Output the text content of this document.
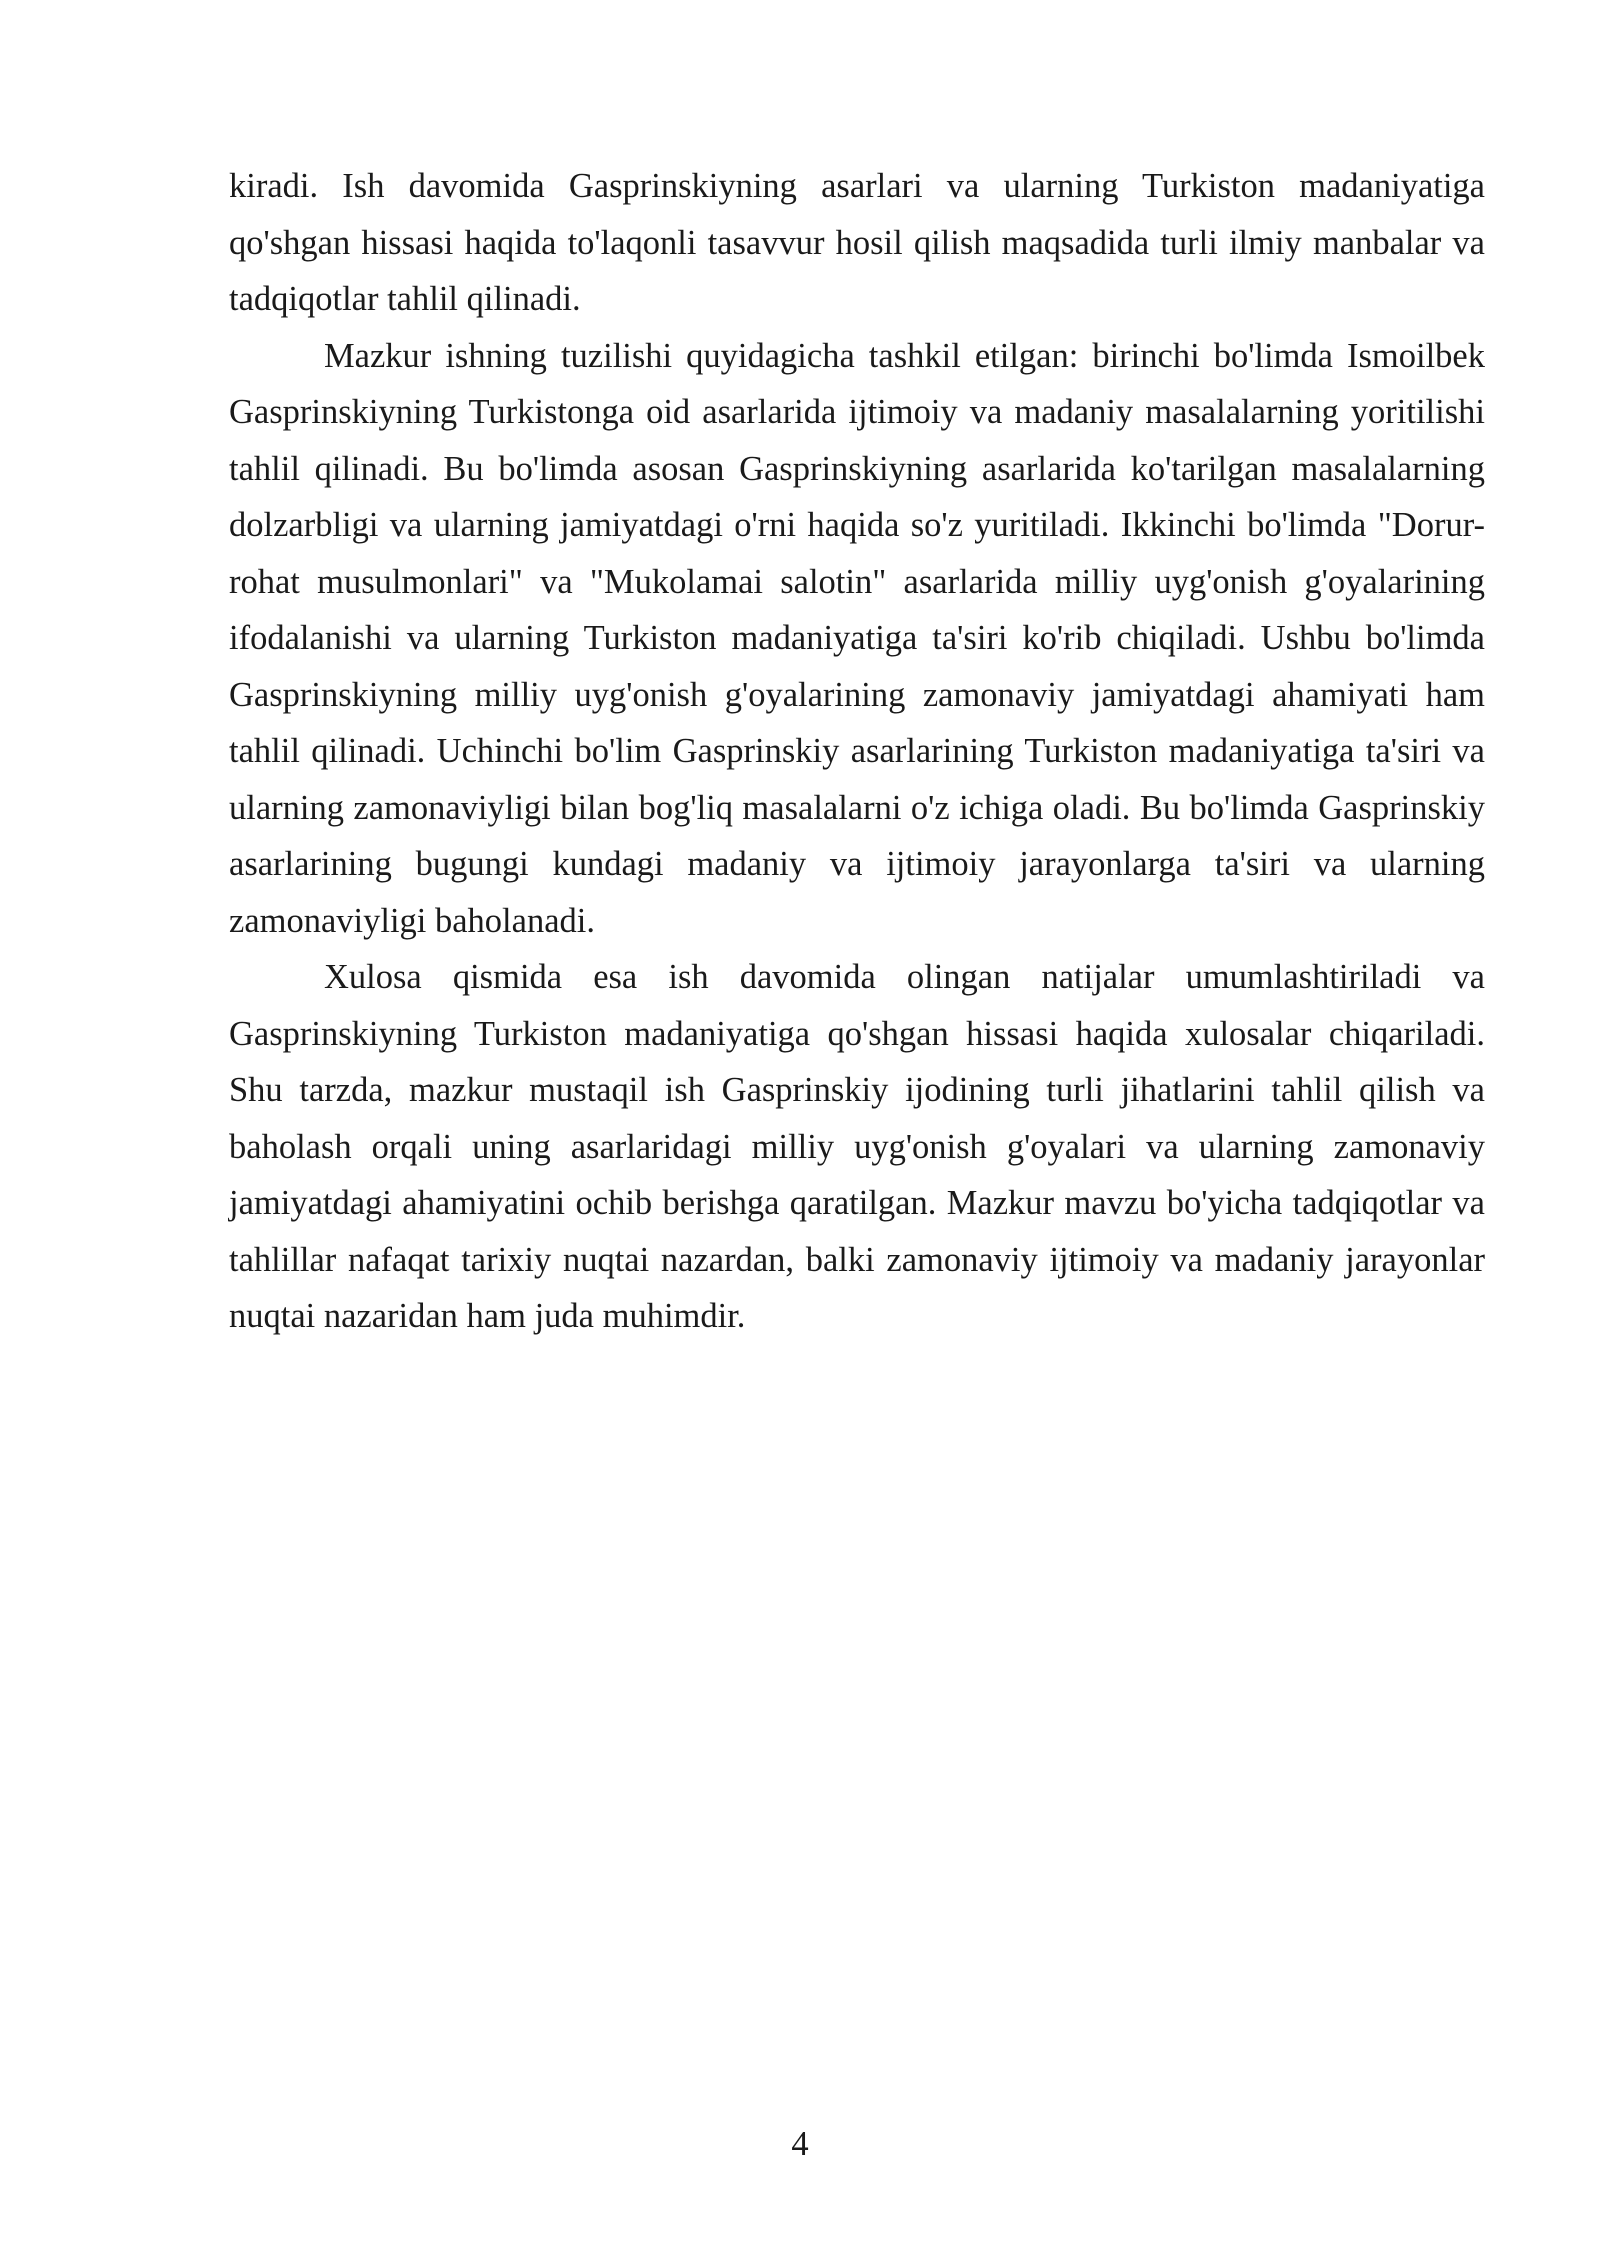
kiradi. Ish davomida Gasprinskiyning asarlari va ularning Turkiston madaniyatiga qo'shgan hissasi haqida to'laqonli tasavvur hosil qilish maqsadida turli ilmiy manbalar va tadqiqotlar tahlil qilinadi.

Mazkur ishning tuzilishi quyidagicha tashkil etilgan: birinchi bo'limda Ismoilbek Gasprinskiyning Turkistonga oid asarlarida ijtimoiy va madaniy masalalarning yoritilishi tahlil qilinadi. Bu bo'limda asosan Gasprinskiyning asarlarida ko'tarilgan masalalarning dolzarbligi va ularning jamiyatdagi o'rni haqida so'z yuritiladi. Ikkinchi bo'limda "Dorur-rohat musulmonlari" va "Mukolamai salotin" asarlarida milliy uyg'onish g'oyalarining ifodalanishi va ularning Turkiston madaniyatiga ta'siri ko'rib chiqiladi. Ushbu bo'limda Gasprinskiyning milliy uyg'onish g'oyalarining zamonaviy jamiyatdagi ahamiyati ham tahlil qilinadi. Uchinchi bo'lim Gasprinskiy asarlarining Turkiston madaniyatiga ta'siri va ularning zamonaviyligi bilan bog'liq masalalarni o'z ichiga oladi. Bu bo'limda Gasprinskiy asarlarining bugungi kundagi madaniy va ijtimoiy jarayonlarga ta'siri va ularning zamonaviyligi baholanadi.

Xulosa qismida esa ish davomida olingan natijalar umumlashtiriladi va Gasprinskiyning Turkiston madaniyatiga qo'shgan hissasi haqida xulosalar chiqariladi. Shu tarzda, mazkur mustaqil ish Gasprinskiy ijodining turli jihatlarini tahlil qilish va baholash orqali uning asarlaridagi milliy uyg'onish g'oyalari va ularning zamonaviy jamiyatdagi ahamiyatini ochib berishga qaratilgan. Mazkur mavzu bo'yicha tadqiqotlar va tahlillar nafaqat tarixiy nuqtai nazardan, balki zamonaviy ijtimoiy va madaniy jarayonlar nuqtai nazaridan ham juda muhimdir.

4
